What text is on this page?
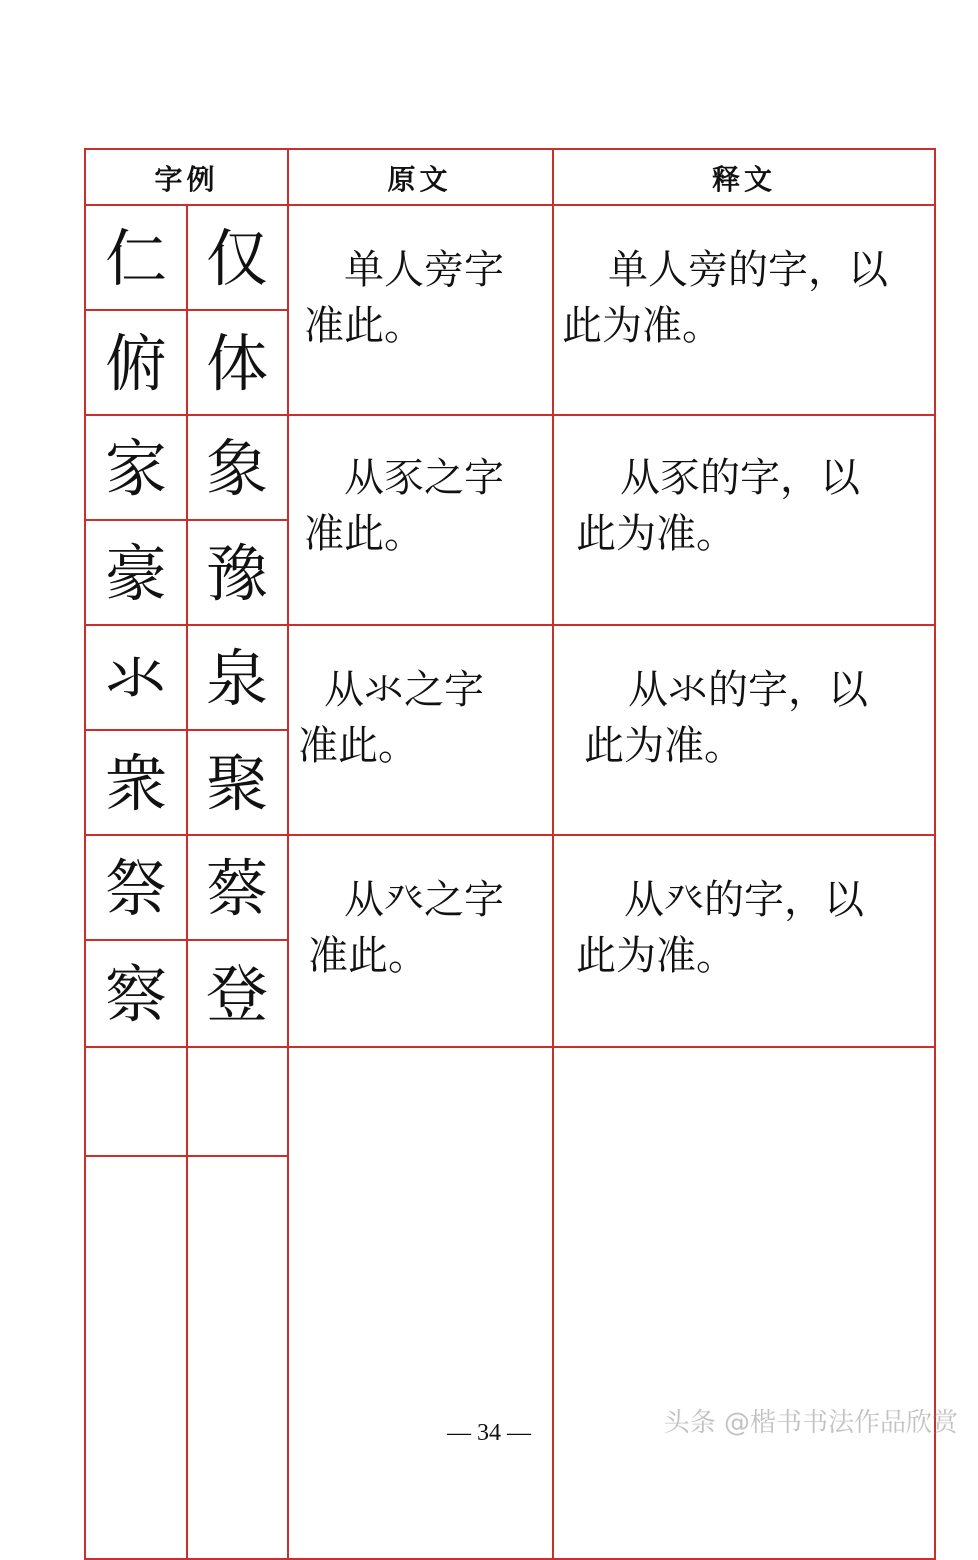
字例	原文	释文
仁 仅
俯 体
单人旁字
准此。
单人旁的字，以
此为准。
家 象
豪 豫
从豕之字
准此。
从豕的字，以
此为准。
氺 泉
衆 聚
从氺之字
准此。
从氺的字，以
此为准。
祭 蔡
察 登
从癶之字
准此。
从癶的字，以
此为准。
— 34 —	头条 @楷书书法作品欣赏
